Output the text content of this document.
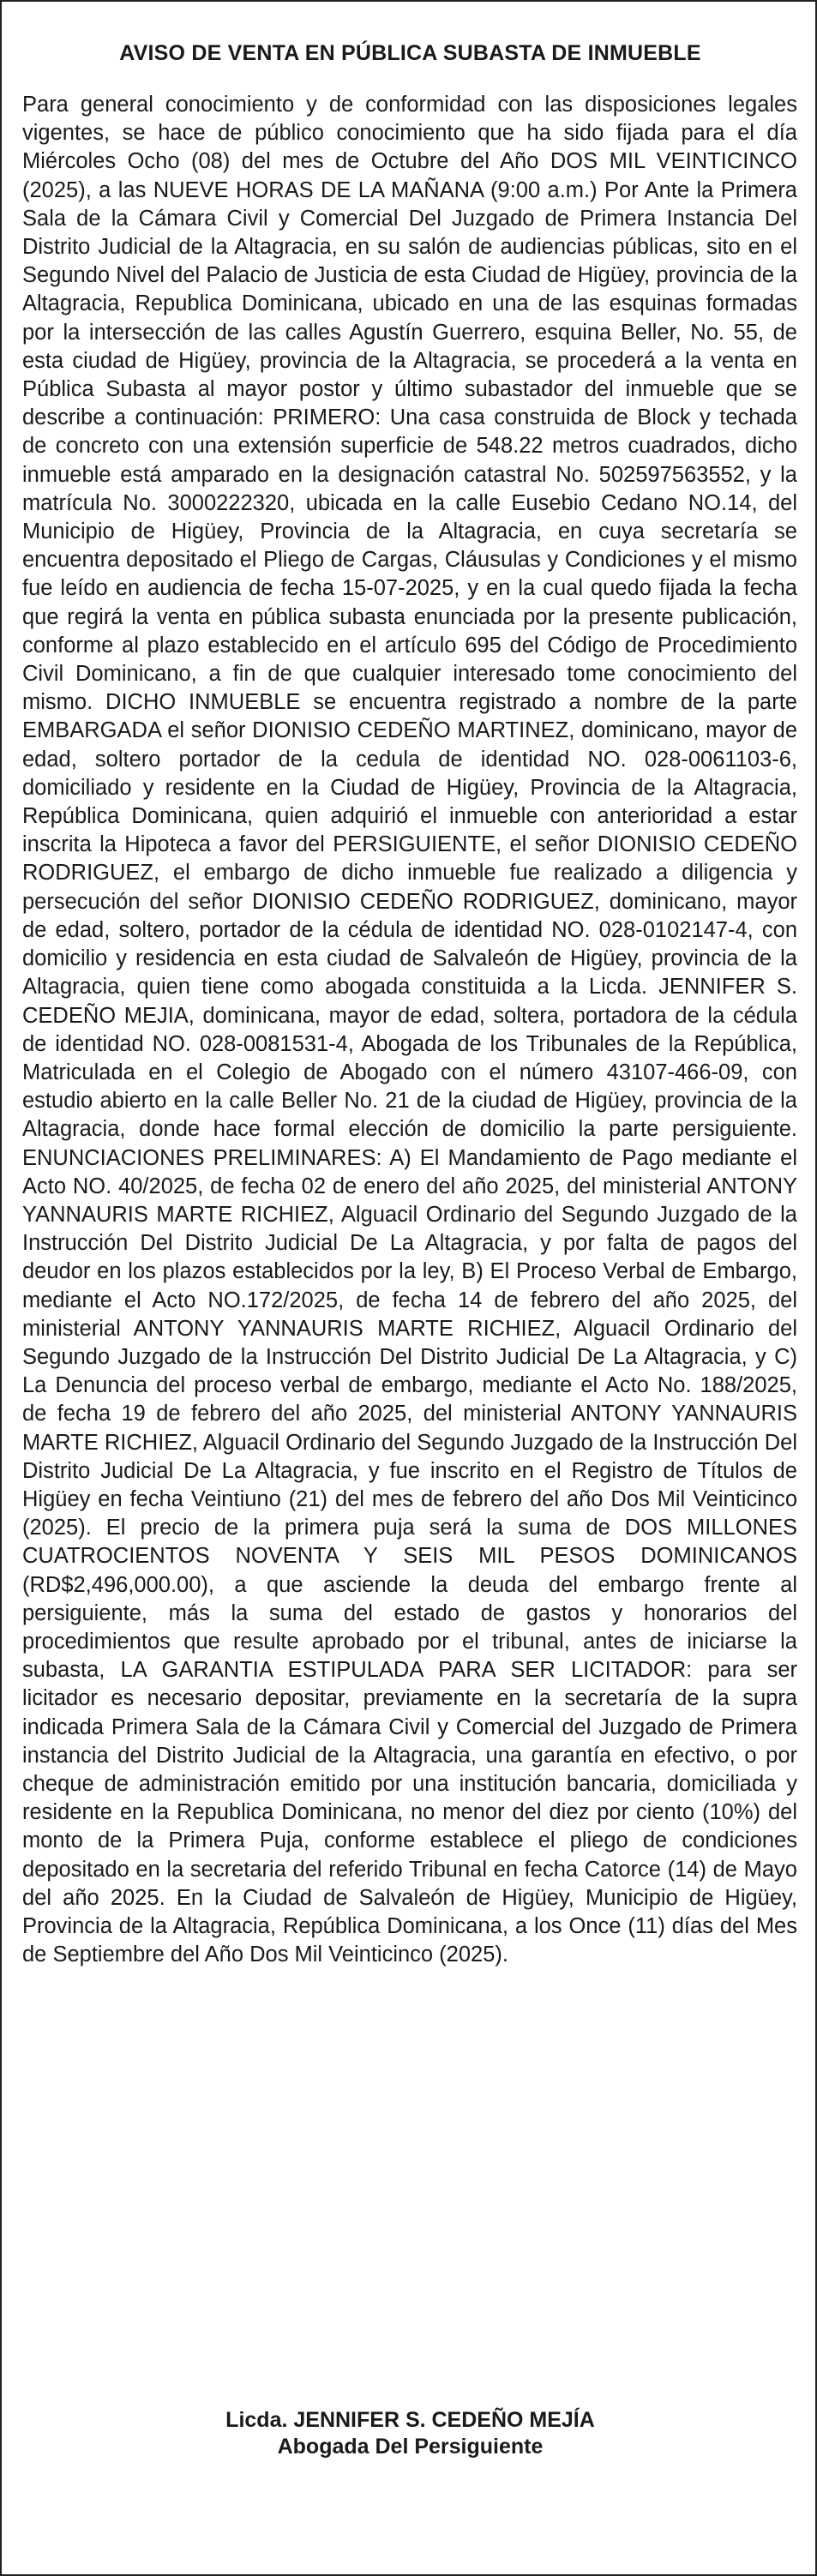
AVISO DE VENTA EN PÚBLICA SUBASTA DE INMUEBLE

Para general conocimiento y de conformidad con las disposiciones legales vigentes, se hace de público conocimiento que ha sido fijada para el día Miércoles Ocho (08) del mes de Octubre del Año DOS MIL VEINTICINCO (2025), a las NUEVE HORAS DE LA MAÑANA (9:00 a.m.) Por Ante la Primera Sala de la Cámara Civil y Comercial Del Juzgado de Primera Instancia Del Distrito Judicial de la Altagracia, en su salón de audiencias públicas, sito en el Segundo Nivel del Palacio de Justicia de esta Ciudad de Higüey, provincia de la Altagracia, Republica Dominicana, ubicado en una de las esquinas formadas por la intersección de las calles Agustín Guerrero, esquina Beller, No. 55, de esta ciudad de Higüey, provincia de la Altagracia, se procederá a la venta en Pública Subasta al mayor postor y último subastador del inmueble que se describe a continuación: PRIMERO: Una casa construida de Block y techada de concreto con una extensión superficie de 548.22 metros cuadrados, dicho inmueble está amparado en la designación catastral No. 502597563552, y la matrícula No. 3000222320, ubicada en la calle Eusebio Cedano NO.14, del Municipio de Higüey, Provincia de la Altagracia, en cuya secretaría se encuentra depositado el Pliego de Cargas, Cláusulas y Condiciones y el mismo fue leído en audiencia de fecha 15-07-2025, y en la cual quedo fijada la fecha que regirá la venta en pública subasta enunciada por la presente publicación, conforme al plazo establecido en el artículo 695 del Código de Procedimiento Civil Dominicano, a fin de que cualquier interesado tome conocimiento del mismo. DICHO INMUEBLE se encuentra registrado a nombre de la parte EMBARGADA el señor DIONISIO CEDEÑO MARTINEZ, dominicano, mayor de edad, soltero portador de la cedula de identidad NO. 028-0061103-6, domiciliado y residente en la Ciudad de Higüey, Provincia de la Altagracia, República Dominicana, quien adquirió el inmueble con anterioridad a estar inscrita la Hipoteca a favor del PERSIGUIENTE, el señor DIONISIO CEDEÑO RODRIGUEZ, el embargo de dicho inmueble fue realizado a diligencia y persecución del señor DIONISIO CEDEÑO RODRIGUEZ, dominicano, mayor de edad, soltero, portador de la cédula de identidad NO. 028-0102147-4, con domicilio y residencia en esta ciudad de Salvaleón de Higüey, provincia de la Altagracia, quien tiene como abogada constituida a la Licda. JENNIFER S. CEDEÑO MEJIA, dominicana, mayor de edad, soltera, portadora de la cédula de identidad NO. 028-0081531-4, Abogada de los Tribunales de la República, Matriculada en el Colegio de Abogado con el número 43107-466-09, con estudio abierto en la calle Beller No. 21 de la ciudad de Higüey, provincia de la Altagracia, donde hace formal elección de domicilio la parte persiguiente. ENUNCIACIONES PRELIMINARES: A) El Mandamiento de Pago mediante el Acto NO. 40/2025, de fecha 02 de enero del año 2025, del ministerial ANTONY YANNAURIS MARTE RICHIEZ, Alguacil Ordinario del Segundo Juzgado de la Instrucción Del Distrito Judicial De La Altagracia, y por falta de pagos del deudor en los plazos establecidos por la ley, B) El Proceso Verbal de Embargo, mediante el Acto NO.172/2025, de fecha 14 de febrero del año 2025, del ministerial ANTONY YANNAURIS MARTE RICHIEZ, Alguacil Ordinario del Segundo Juzgado de la Instrucción Del Distrito Judicial De La Altagracia, y C) La Denuncia del proceso verbal de embargo, mediante el Acto No. 188/2025, de fecha 19 de febrero del año 2025, del ministerial ANTONY YANNAURIS MARTE RICHIEZ, Alguacil Ordinario del Segundo Juzgado de la Instrucción Del Distrito Judicial De La Altagracia, y fue inscrito en el Registro de Títulos de Higüey en fecha Veintiuno (21) del mes de febrero del año Dos Mil Veinticinco (2025). El precio de la primera puja será la suma de DOS MILLONES CUATROCIENTOS NOVENTA Y SEIS MIL PESOS DOMINICANOS (RD$2,496,000.00), a que asciende la deuda del embargo frente al persiguiente, más la suma del estado de gastos y honorarios del procedimientos que resulte aprobado por el tribunal, antes de iniciarse la subasta, LA GARANTIA ESTIPULADA PARA SER LICITADOR: para ser licitador es necesario depositar, previamente en la secretaría de la supra indicada Primera Sala de la Cámara Civil y Comercial del Juzgado de Primera instancia del Distrito Judicial de la Altagracia, una garantía en efectivo, o por cheque de administración emitido por una institución bancaria, domiciliada y residente en la Republica Dominicana, no menor del diez por ciento (10%) del monto de la Primera Puja, conforme establece el pliego de condiciones depositado en la secretaria del referido Tribunal en fecha Catorce (14) de Mayo del año 2025. En la Ciudad de Salvaleón de Higüey, Municipio de Higüey, Provincia de la Altagracia, República Dominicana, a los Once (11) días del Mes de Septiembre del Año Dos Mil Veinticinco (2025).

Licda. JENNIFER S. CEDEÑO MEJÍA
Abogada Del Persiguiente
